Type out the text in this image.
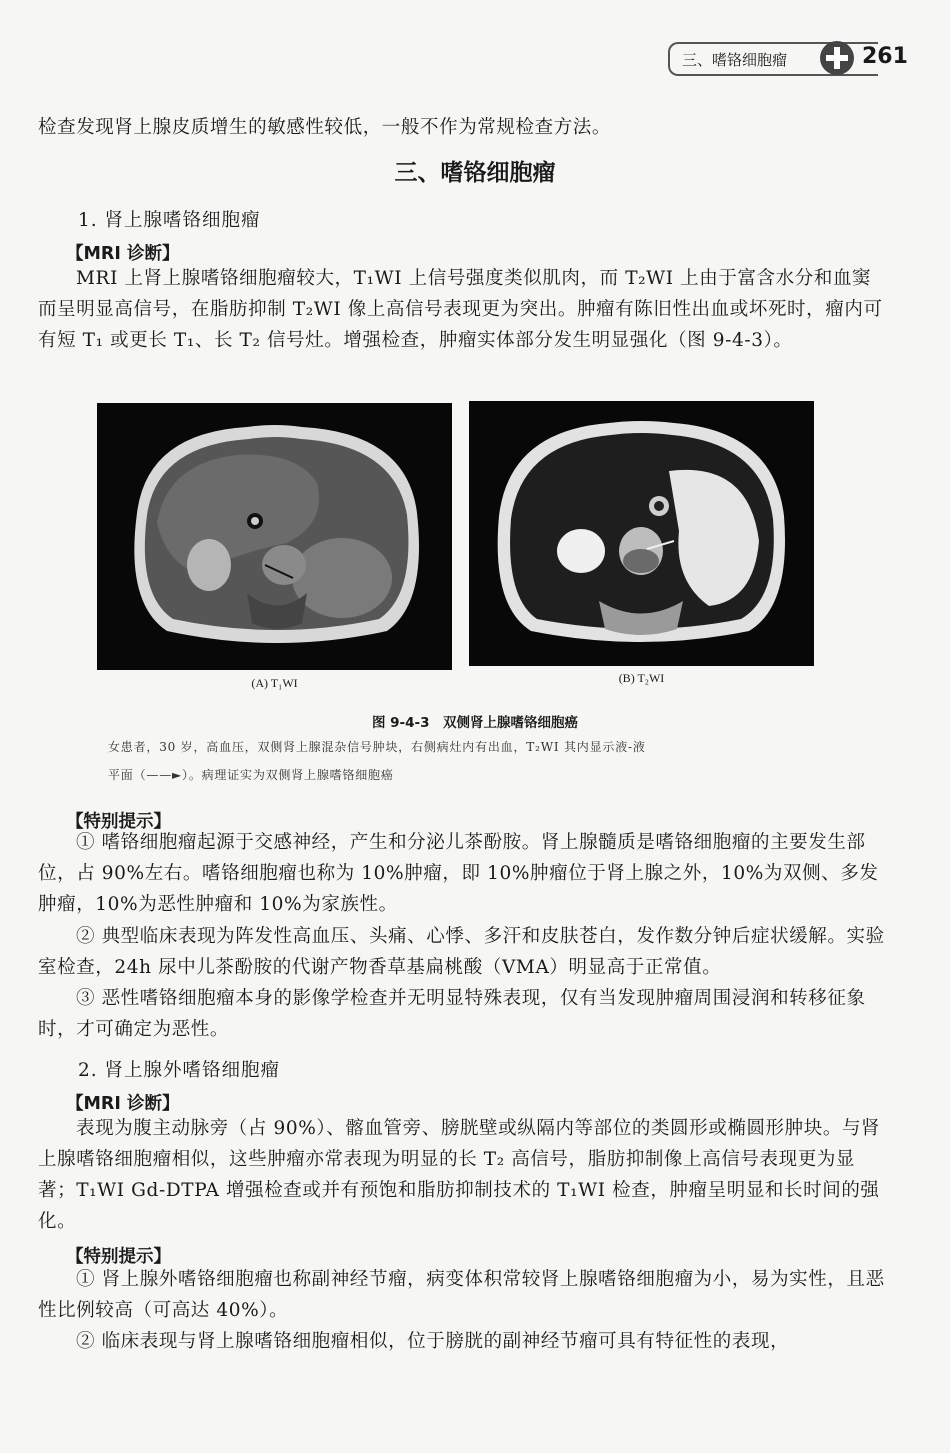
三、嗜铬细胞瘤	261
检查发现肾上腺皮质增生的敏感性较低，一般不作为常规检查方法。
三、嗜铬细胞瘤
1. 肾上腺嗜铬细胞瘤
【MRI 诊断】
MRI 上肾上腺嗜铬细胞瘤较大，T₁WI 上信号强度类似肌肉，而 T₂WI 上由于富含水分和血窦而呈明显高信号，在脂肪抑制 T₂WI 像上高信号表现更为突出。肿瘤有陈旧性出血或坏死时，瘤内可有短 T₁ 或更长 T₁、长 T₂ 信号灶。增强检查，肿瘤实体部分发生明显强化（图 9-4-3）。
(A) T₁WI	(B) T₂WI
图 9-4-3　双侧肾上腺嗜铬细胞癌
女患者，30 岁，高血压，双侧肾上腺混杂信号肿块，右侧病灶内有出血，T₂WI 其内显示液-液
平面（——►）。病理证实为双侧肾上腺嗜铬细胞癌
【特别提示】
① 嗜铬细胞瘤起源于交感神经，产生和分泌儿茶酚胺。肾上腺髓质是嗜铬细胞瘤的主要发生部位，占 90%左右。嗜铬细胞瘤也称为 10%肿瘤，即 10%肿瘤位于肾上腺之外，10%为双侧、多发肿瘤，10%为恶性肿瘤和 10%为家族性。
② 典型临床表现为阵发性高血压、头痛、心悸、多汗和皮肤苍白，发作数分钟后症状缓解。实验室检查，24h 尿中儿茶酚胺的代谢产物香草基扁桃酸（VMA）明显高于正常值。
③ 恶性嗜铬细胞瘤本身的影像学检查并无明显特殊表现，仅有当发现肿瘤周围浸润和转移征象时，才可确定为恶性。
2. 肾上腺外嗜铬细胞瘤
【MRI 诊断】
表现为腹主动脉旁（占 90%）、髂血管旁、膀胱壁或纵隔内等部位的类圆形或椭圆形肿块。与肾上腺嗜铬细胞瘤相似，这些肿瘤亦常表现为明显的长 T₂ 高信号，脂肪抑制像上高信号表现更为显著；T₁WI Gd-DTPA 增强检查或并有预饱和脂肪抑制技术的 T₁WI 检查，肿瘤呈明显和长时间的强化。
【特别提示】
① 肾上腺外嗜铬细胞瘤也称副神经节瘤，病变体积常较肾上腺嗜铬细胞瘤为小，易为实性，且恶性比例较高（可高达 40%）。
② 临床表现与肾上腺嗜铬细胞瘤相似，位于膀胱的副神经节瘤可具有特征性的表现，
